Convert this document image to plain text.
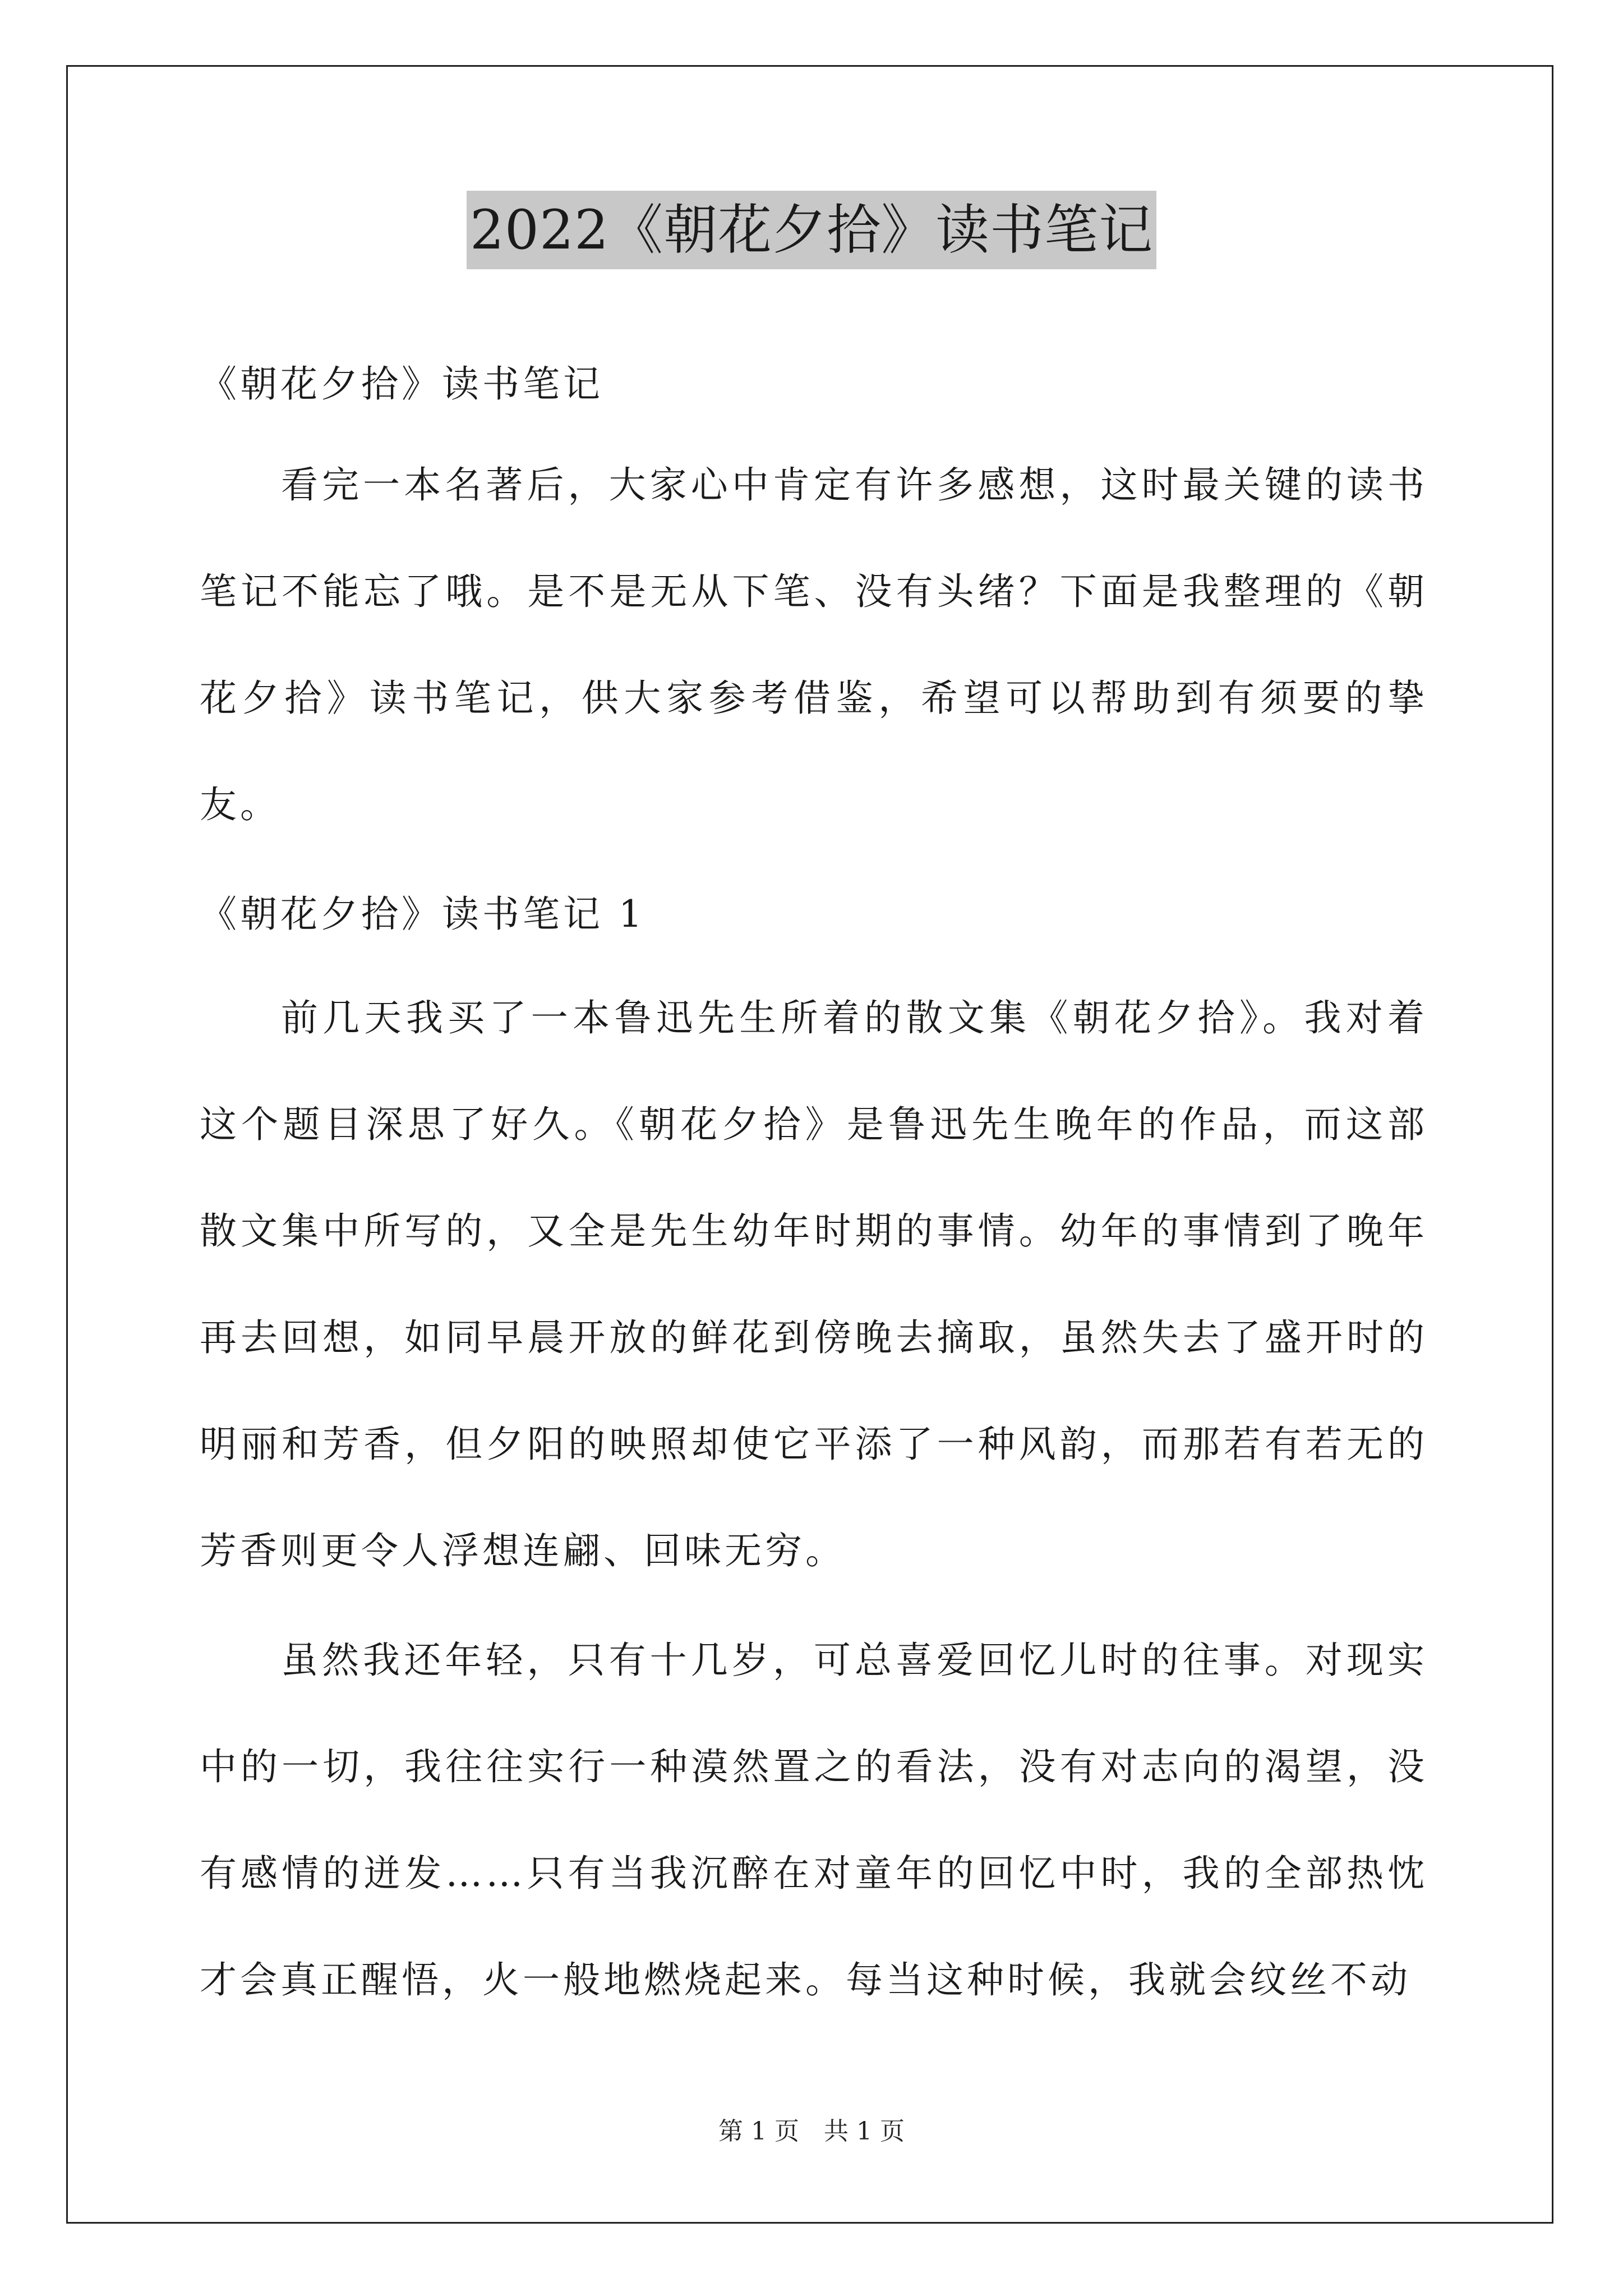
2022《朝花夕拾》读书笔记

《朝花夕拾》读书笔记

看完一本名著后，大家心中肯定有许多感想，这时最关键的读书笔记不能忘了哦。是不是无从下笔、没有头绪？下面是我整理的《朝花夕拾》读书笔记，供大家参考借鉴，希望可以帮助到有须要的挚友。

《朝花夕拾》读书笔记 1

前几天我买了一本鲁迅先生所着的散文集《朝花夕拾》。我对着这个题目深思了好久。《朝花夕拾》是鲁迅先生晚年的作品，而这部散文集中所写的，又全是先生幼年时期的事情。幼年的事情到了晚年再去回想，如同早晨开放的鲜花到傍晚去摘取，虽然失去了盛开时的明丽和芳香，但夕阳的映照却使它平添了一种风韵，而那若有若无的芳香则更令人浮想连翩、回味无穷。

虽然我还年轻，只有十几岁，可总喜爱回忆儿时的往事。对现实中的一切，我往往实行一种漠然置之的看法，没有对志向的渴望，没有感情的迸发……只有当我沉醉在对童年的回忆中时，我的全部热忱才会真正醒悟，火一般地燃烧起来。每当这种时候，我就会纹丝不动

第 1 页　共 1 页
